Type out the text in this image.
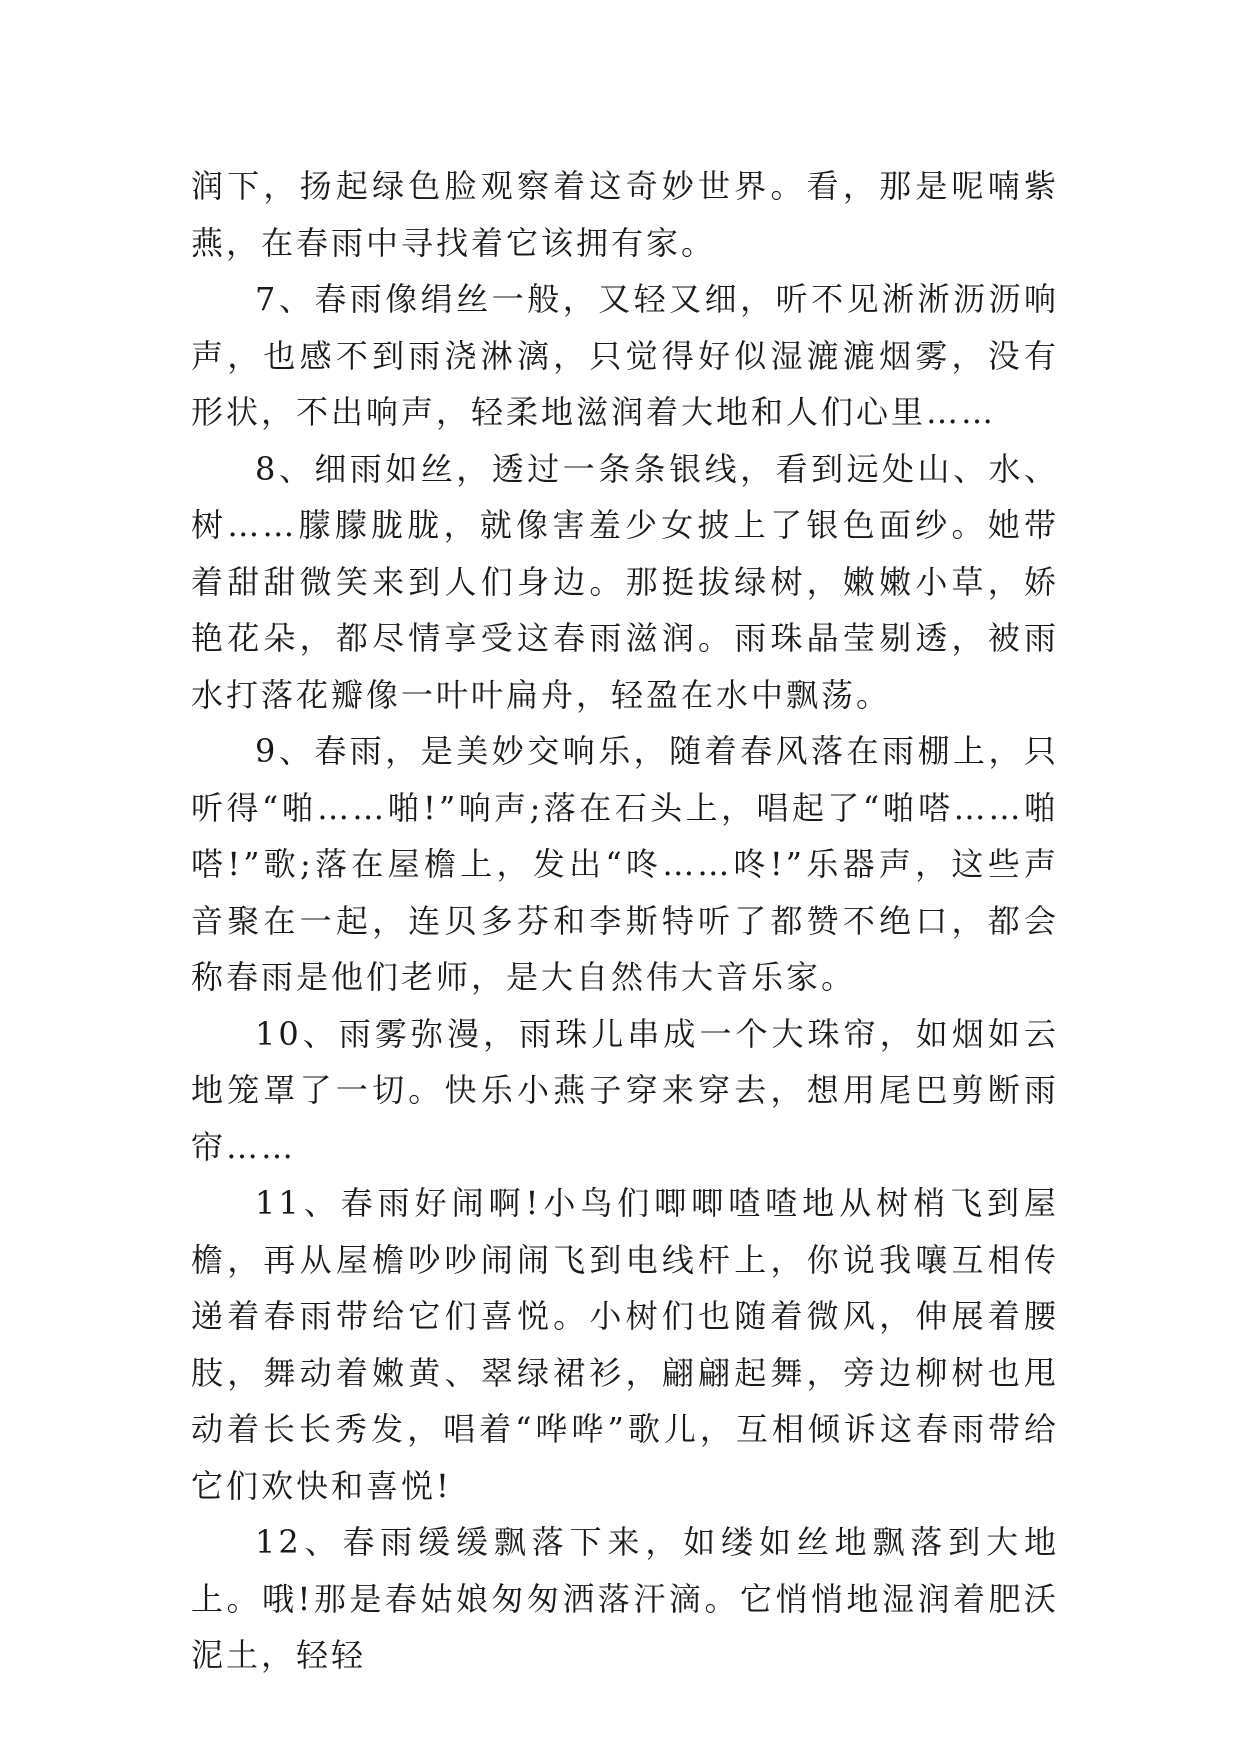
润下，扬起绿色脸观察着这奇妙世界。看，那是呢喃紫燕，在春雨中寻找着它该拥有家。

7、春雨像绢丝一般，又轻又细，听不见淅淅沥沥响声，也感不到雨浇淋漓，只觉得好似湿漉漉烟雾，没有形状，不出响声，轻柔地滋润着大地和人们心里……

8、细雨如丝，透过一条条银线，看到远处山、水、树……朦朦胧胧，就像害羞少女披上了银色面纱。她带着甜甜微笑来到人们身边。那挺拔绿树，嫩嫩小草，娇艳花朵，都尽情享受这春雨滋润。雨珠晶莹剔透，被雨水打落花瓣像一叶叶扁舟，轻盈在水中飘荡。

9、春雨，是美妙交响乐，随着春风落在雨棚上，只听得“啪……啪!”响声;落在石头上，唱起了“啪嗒……啪嗒!”歌;落在屋檐上，发出“咚……咚!”乐器声，这些声音聚在一起，连贝多芬和李斯特听了都赞不绝口，都会称春雨是他们老师，是大自然伟大音乐家。

10、雨雾弥漫，雨珠儿串成一个大珠帘，如烟如云地笼罩了一切。快乐小燕子穿来穿去，想用尾巴剪断雨帘……

11、春雨好闹啊!小鸟们唧唧喳喳地从树梢飞到屋檐，再从屋檐吵吵闹闹飞到电线杆上，你说我嚷互相传递着春雨带给它们喜悦。小树们也随着微风，伸展着腰肢，舞动着嫩黄、翠绿裙衫，翩翩起舞，旁边柳树也甩动着长长秀发，唱着“哗哗”歌儿，互相倾诉这春雨带给它们欢快和喜悦!

12、春雨缓缓飘落下来，如缕如丝地飘落到大地上。哦!那是春姑娘匆匆洒落汗滴。它悄悄地湿润着肥沃泥土，轻轻
